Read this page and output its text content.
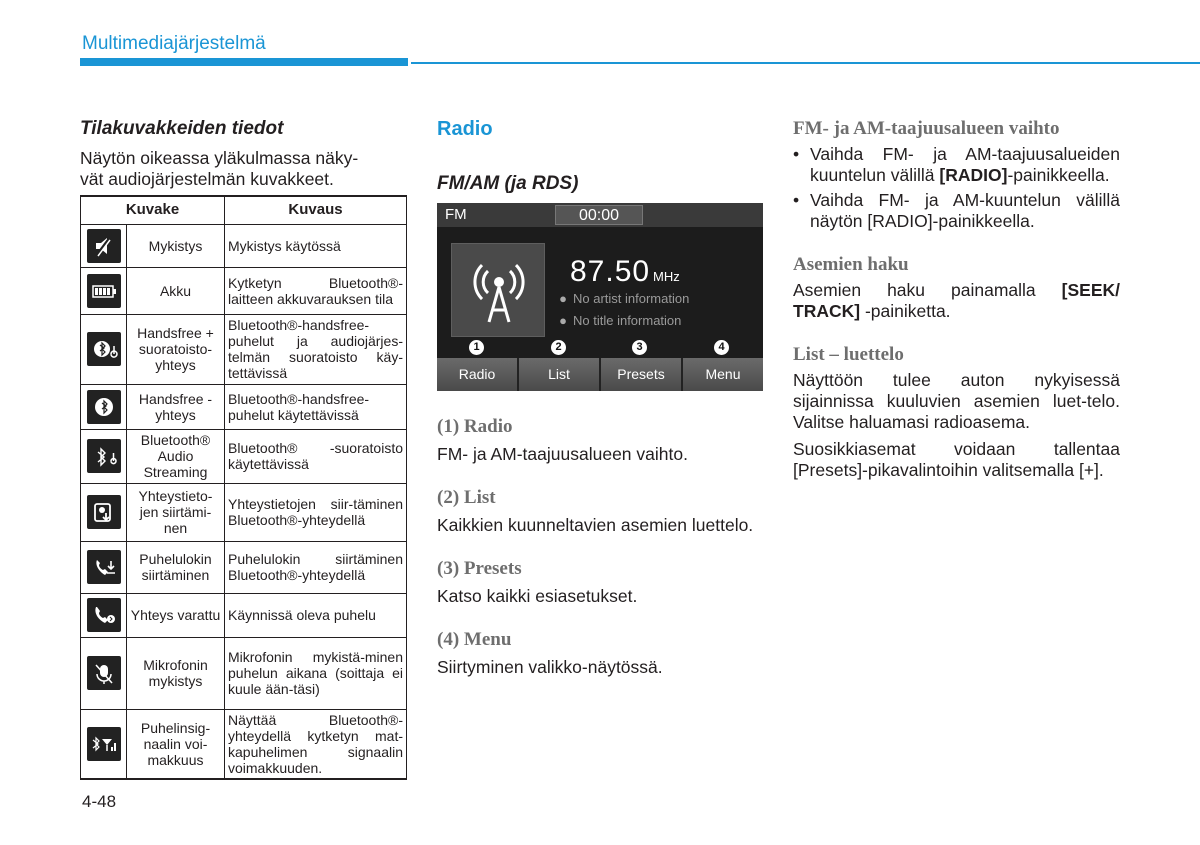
Multimediajärjestelmä
Tilakuvakkeiden tiedot
Näytön oikeassa yläkulmassa näky-
vät audiojärjestelmän kuvakkeet.
Kuvake		Kuvaus

	Mykistys	Mykistys käytössä

	Akku	Kytketyn Bluetooth®-laitteen akkuvarauksen tila

	Handsfree + suoratoisto-yhteys	Bluetooth®-handsfree-puhelut ja audiojärjes-telmän suoratoisto käy-tettävissä

	Handsfree -yhteys	Bluetooth®-handsfree-puhelut käytettävissä

	Bluetooth® Audio Streaming	Bluetooth® -suoratoisto käytettävissä

	Yhteystieto-jen siirtämi-nen	Yhteystietojen siir-täminen Bluetooth®-yhteydellä

	Puhelulokin siirtäminen	Puhelulokin siirtäminen Bluetooth®-yhteydellä

	Yhteys varattu	Käynnissä oleva puhelu

	Mikrofonin mykistys	Mikrofonin mykistä-minen puhelun aikana (soittaja ei kuule ään-täsi)

	Puhelinsig-naalin voi-makkuus	Näyttää Bluetooth®-yhteydellä kytketyn mat-kapuhelimen signaalin voimakkuuden.
Radio
FM/AM (ja RDS)
FM	00:00
87.50 MHz
● No artist information
● No title information
1	2	3	4
Radio	List	Presets	Menu
(1) Radio
FM- ja AM-taajuusalueen vaihto.
(2) List
Kaikkien kuunneltavien asemien luettelo.
(3) Presets
Katso kaikki esiasetukset.
(4) Menu
Siirtyminen valikko-näytössä.
FM- ja AM-taajuusalueen vaihto
• Vaihda FM- ja AM-taajuusalueiden kuuntelun välillä [RADIO]-painikkeella.
• Vaihda FM- ja AM-kuuntelun välillä näytön [RADIO]-painikkeella.
Asemien haku

Asemien haku painamalla [SEEK/ TRACK] -painiketta.

List – luettelo

Näyttöön tulee auton nykyisessä sijainnissa kuuluvien asemien luet-telo. Valitse haluamasi radioasema.

Suosikkiasemat voidaan tallentaa [Presets]-pikavalintoihin valitsemalla [+].

4-48
